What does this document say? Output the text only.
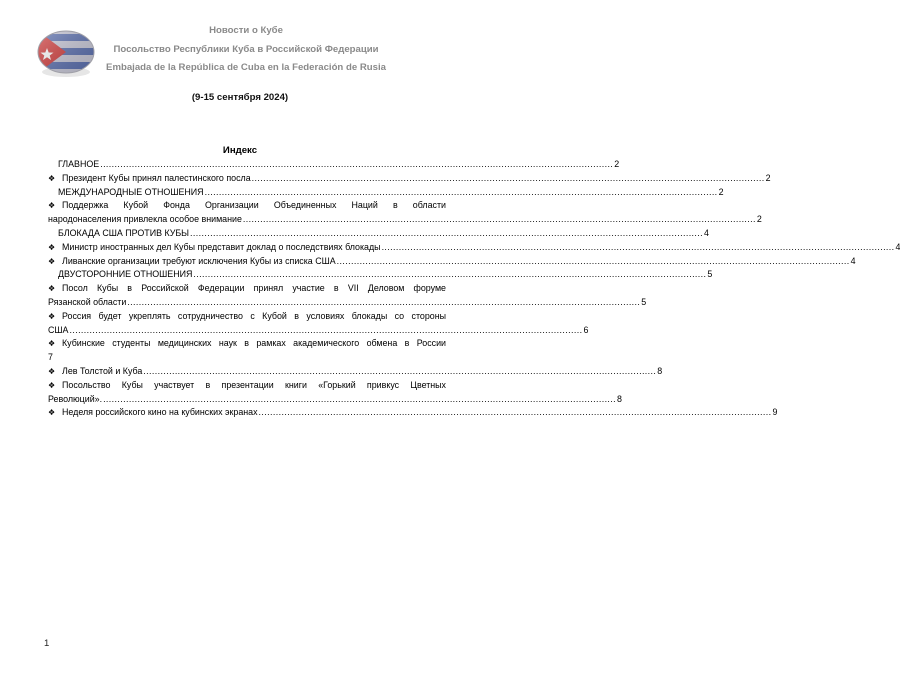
Новости о Кубе
Посольство Республики Куба в Российской Федерации
Embajada de la República de Cuba en la Federación de Rusia
(9-15 сентября 2024)
Индекс
ГЛАВНОЕ ................................................................................................................................................................................... 2
❖ Президент Кубы принял палестинского посла ................................................................................................................................................................................... 2
МЕЖДУНАРОДНЫЕ ОТНОШЕНИЯ ................................................................................................................................................................................... 2
❖ Поддержка Кубой Фонда Организации Объединенных Наций в области
народонаселения привлекла особое внимание ................................................................................................................................................................................... 2
БЛОКАДА США ПРОТИВ КУБЫ ................................................................................................................................................................................... 4
❖ Министр иностранных дел Кубы представит доклад о последствиях блокады ................................................................................................................................................................................... 4
❖ Ливанские организации требуют исключения Кубы из списка США ................................................................................................................................................................................... 4
ДВУСТОРОННИЕ ОТНОШЕНИЯ ................................................................................................................................................................................... 5
❖ Посол Кубы в Российской Федерации принял участие в VII Деловом форуме
Рязанской области ................................................................................................................................................................................... 5
❖ Россия будет укреплять сотрудничество с Кубой в условиях блокады со стороны
США ................................................................................................................................................................................... 6
❖ Кубинские студенты медицинских наук в рамках академического обмена в России
7
❖ Лев Толстой и Куба ................................................................................................................................................................................... 8
❖ Посольство Кубы участвует в презентации книги «Горький привкус Цветных
Революций». ................................................................................................................................................................................... 8
❖ Неделя российского кино на кубинских экранах ................................................................................................................................................................................... 9
1
